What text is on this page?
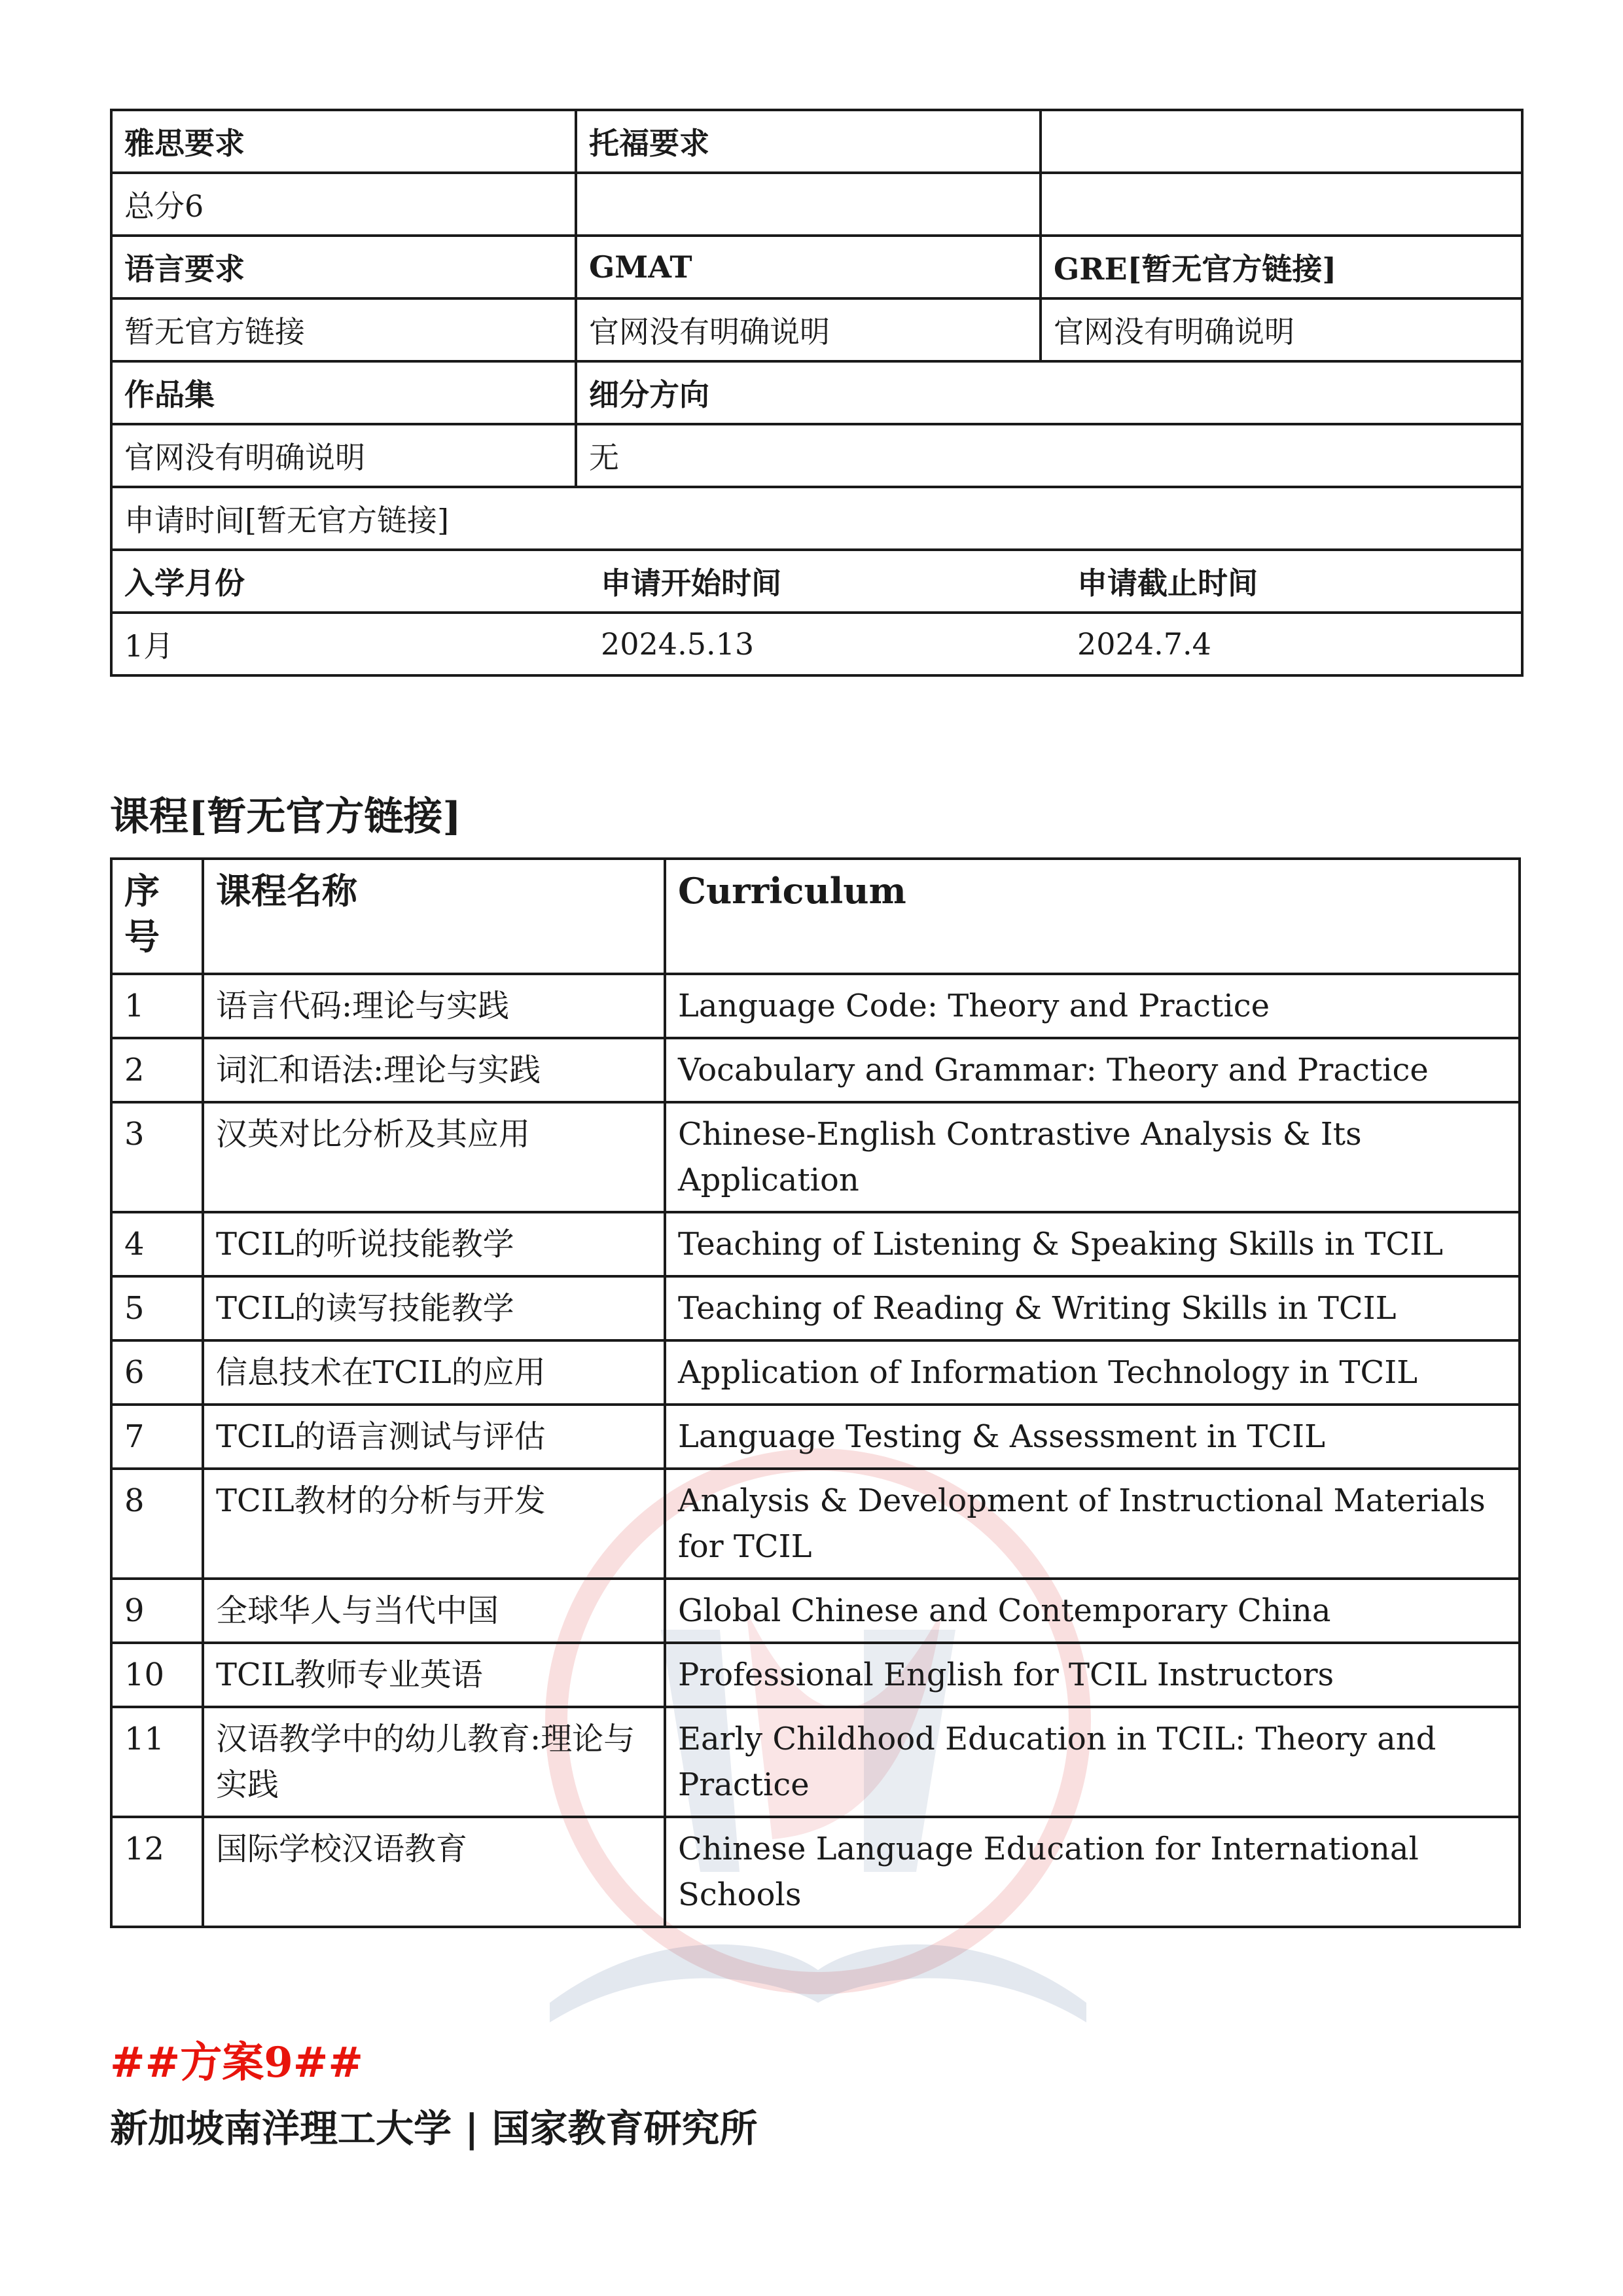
雅思要求	托福要求	
总分6		
语言要求	GMAT	GRE[暂无官方链接]
暂无官方链接	官网没有明确说明	官网没有明确说明
作品集	细分方向
官网没有明确说明	无
申请时间[暂无官方链接]

入学月份	申请开始时间	申请截止时间
1月	2024.5.13	2024.7.4
课程[暂无官方链接]
序号	课程名称	Curriculum
1	语言代码:理论与实践	Language Code: Theory and Practice
2	词汇和语法:理论与实践	Vocabulary and Grammar: Theory and Practice
3	汉英对比分析及其应用	Chinese-English Contrastive Analysis & Its Application
4	TCIL的听说技能教学	Teaching of Listening & Speaking Skills in TCIL
5	TCIL的读写技能教学	Teaching of Reading & Writing Skills in TCIL
6	信息技术在TCIL的应用	Application of Information Technology in TCIL
7	TCIL的语言测试与评估	Language Testing & Assessment in TCIL
8	TCIL教材的分析与开发	Analysis & Development of Instructional Materials for TCIL
9	全球华人与当代中国	Global Chinese and Contemporary China
10	TCIL教师专业英语	Professional English for TCIL Instructors
11	汉语教学中的幼儿教育:理论与实践	Early Childhood Education in TCIL: Theory and Practice
12	国际学校汉语教育	Chinese Language Education for International Schools
##方案9##
新加坡南洋理工大学 | 国家教育研究所
